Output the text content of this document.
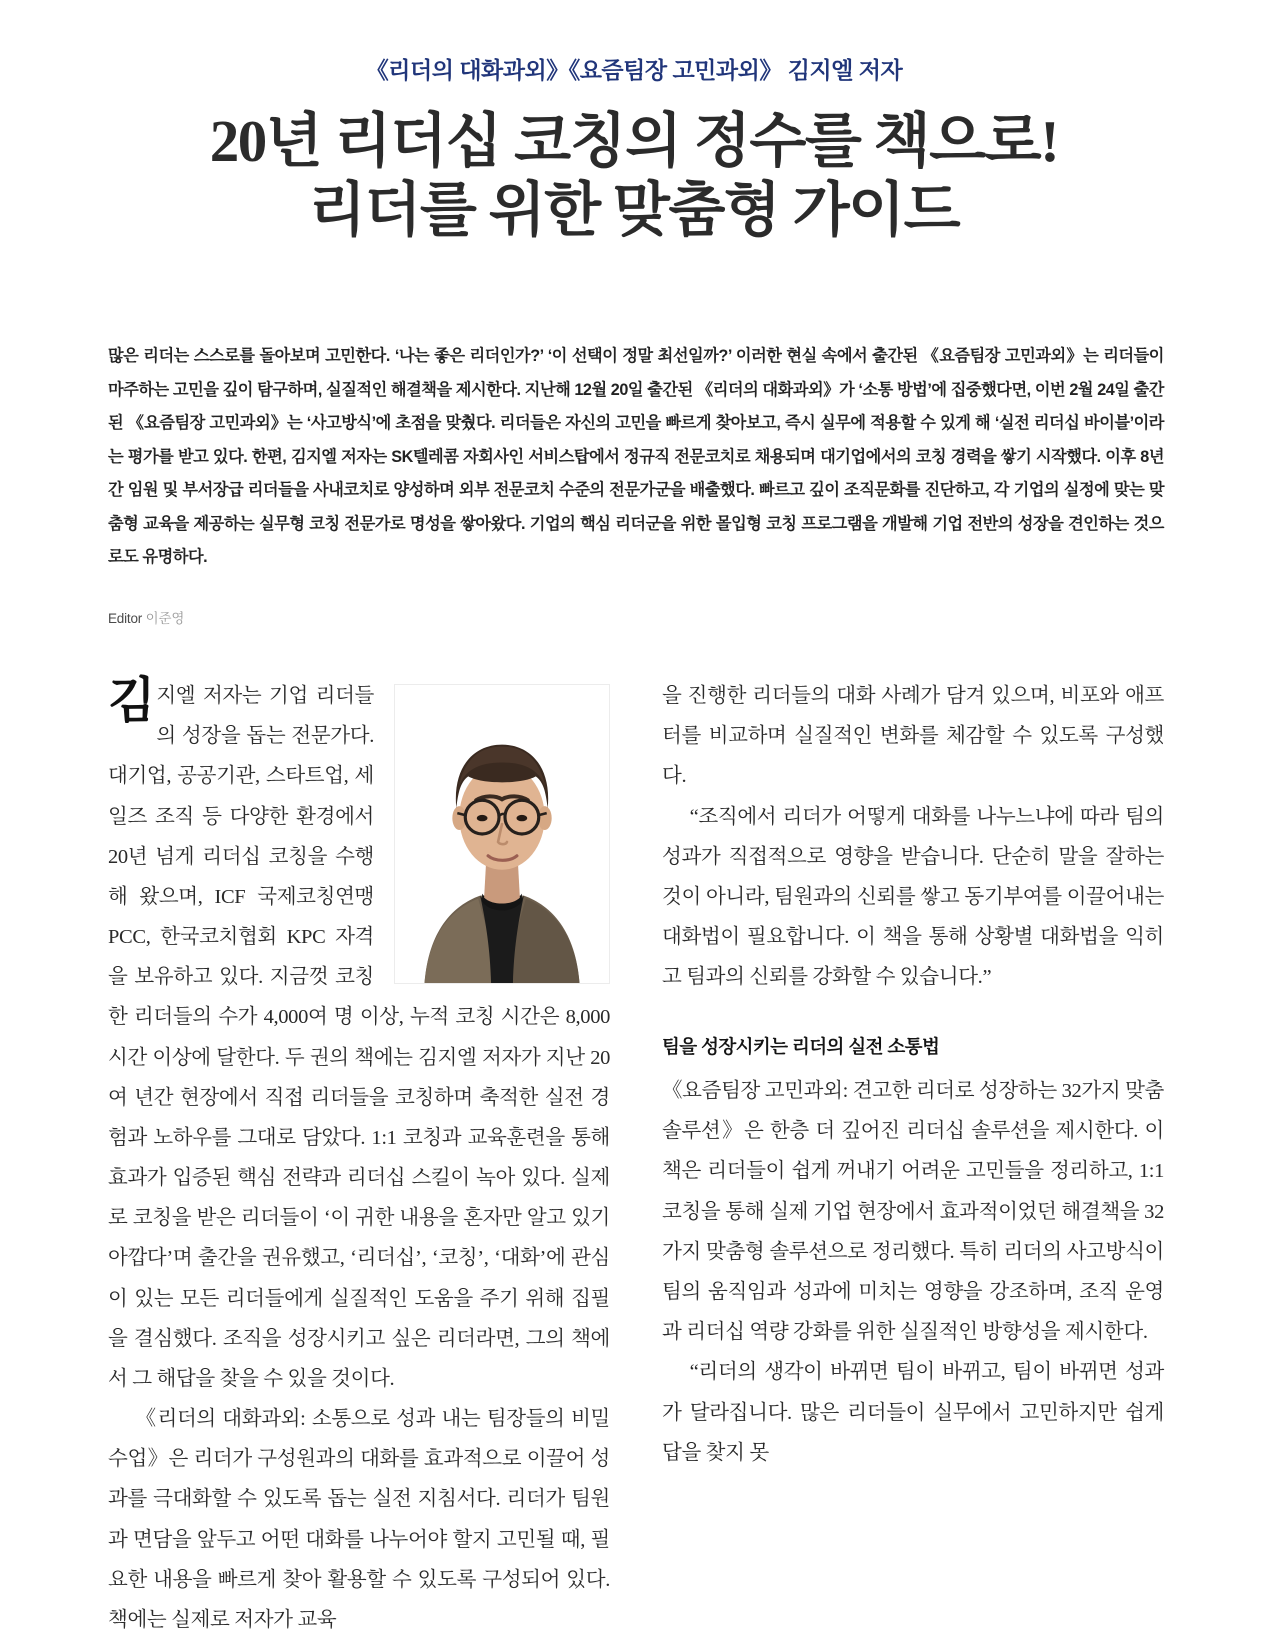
《리더의 대화과외》《요즘팀장 고민과외》 김지엘 저자
20년 리더십 코칭의 정수를 책으로!
리더를 위한 맞춤형 가이드

많은 리더는 스스로를 돌아보며 고민한다. ‘나는 좋은 리더인가?’ ‘이 선택이 정말 최선일까?’ 이러한 현실 속에서 출간된 《요즘팀장 고민과외》는 리더들이 마주하는 고민을 깊이 탐구하며, 실질적인 해결책을 제시한다. 지난해 12월 20일 출간된 《리더의 대화과외》가 ‘소통 방법’에 집중했다면, 이번 2월 24일 출간된 《요즘팀장 고민과외》는 ‘사고방식’에 초점을 맞췄다. 리더들은 자신의 고민을 빠르게 찾아보고, 즉시 실무에 적용할 수 있게 해 ‘실전 리더십 바이블’이라는 평가를 받고 있다. 한편, 김지엘 저자는 SK텔레콤 자회사인 서비스탑에서 정규직 전문코치로 채용되며 대기업에서의 코칭 경력을 쌓기 시작했다. 이후 8년간 임원 및 부서장급 리더들을 사내코치로 양성하며 외부 전문코치 수준의 전문가군을 배출했다. 빠르고 깊이 조직문화를 진단하고, 각 기업의 실정에 맞는 맞춤형 교육을 제공하는 실무형 코칭 전문가로 명성을 쌓아왔다. 기업의 핵심 리더군을 위한 몰입형 코칭 프로그램을 개발해 기업 전반의 성장을 견인하는 것으로도 유명하다.

Editor 이준영

김지엘 저자는 기업 리더들의 성장을 돕는 전문가다. 대기업, 공공기관, 스타트업, 세일즈 조직 등 다양한 환경에서 20년 넘게 리더십 코칭을 수행해 왔으며, ICF 국제코칭연맹 PCC, 한국코치협회 KPC 자격을 보유하고 있다. 지금껏 코칭한 리더들의 수가 4,000여 명 이상, 누적 코칭 시간은 8,000시간 이상에 달한다. 두 권의 책에는 김지엘 저자가 지난 20여 년간 현장에서 직접 리더들을 코칭하며 축적한 실전 경험과 노하우를 그대로 담았다. 1:1 코칭과 교육훈련을 통해 효과가 입증된 핵심 전략과 리더십 스킬이 녹아 있다. 실제로 코칭을 받은 리더들이 ‘이 귀한 내용을 혼자만 알고 있기 아깝다’며 출간을 권유했고, ‘리더십’, ‘코칭’, ‘대화’에 관심이 있는 모든 리더들에게 실질적인 도움을 주기 위해 집필을 결심했다. 조직을 성장시키고 싶은 리더라면, 그의 책에서 그 해답을 찾을 수 있을 것이다.

《리더의 대화과외: 소통으로 성과 내는 팀장들의 비밀 수업》은 리더가 구성원과의 대화를 효과적으로 이끌어 성과를 극대화할 수 있도록 돕는 실전 지침서다. 리더가 팀원과 면담을 앞두고 어떤 대화를 나누어야 할지 고민될 때, 필요한 내용을 빠르게 찾아 활용할 수 있도록 구성되어 있다. 책에는 실제로 저자가 교육

을 진행한 리더들의 대화 사례가 담겨 있으며, 비포와 애프터를 비교하며 실질적인 변화를 체감할 수 있도록 구성했다.

“조직에서 리더가 어떻게 대화를 나누느냐에 따라 팀의 성과가 직접적으로 영향을 받습니다. 단순히 말을 잘하는 것이 아니라, 팀원과의 신뢰를 쌓고 동기부여를 이끌어내는 대화법이 필요합니다. 이 책을 통해 상황별 대화법을 익히고 팀과의 신뢰를 강화할 수 있습니다.”

팀을 성장시키는 리더의 실전 소통법

《요즘팀장 고민과외: 견고한 리더로 성장하는 32가지 맞춤 솔루션》은 한층 더 깊어진 리더십 솔루션을 제시한다. 이 책은 리더들이 쉽게 꺼내기 어려운 고민들을 정리하고, 1:1 코칭을 통해 실제 기업 현장에서 효과적이었던 해결책을 32가지 맞춤형 솔루션으로 정리했다. 특히 리더의 사고방식이 팀의 움직임과 성과에 미치는 영향을 강조하며, 조직 운영과 리더십 역량 강화를 위한 실질적인 방향성을 제시한다.

“리더의 생각이 바뀌면 팀이 바뀌고, 팀이 바뀌면 성과가 달라집니다. 많은 리더들이 실무에서 고민하지만 쉽게 답을 찾지 못
